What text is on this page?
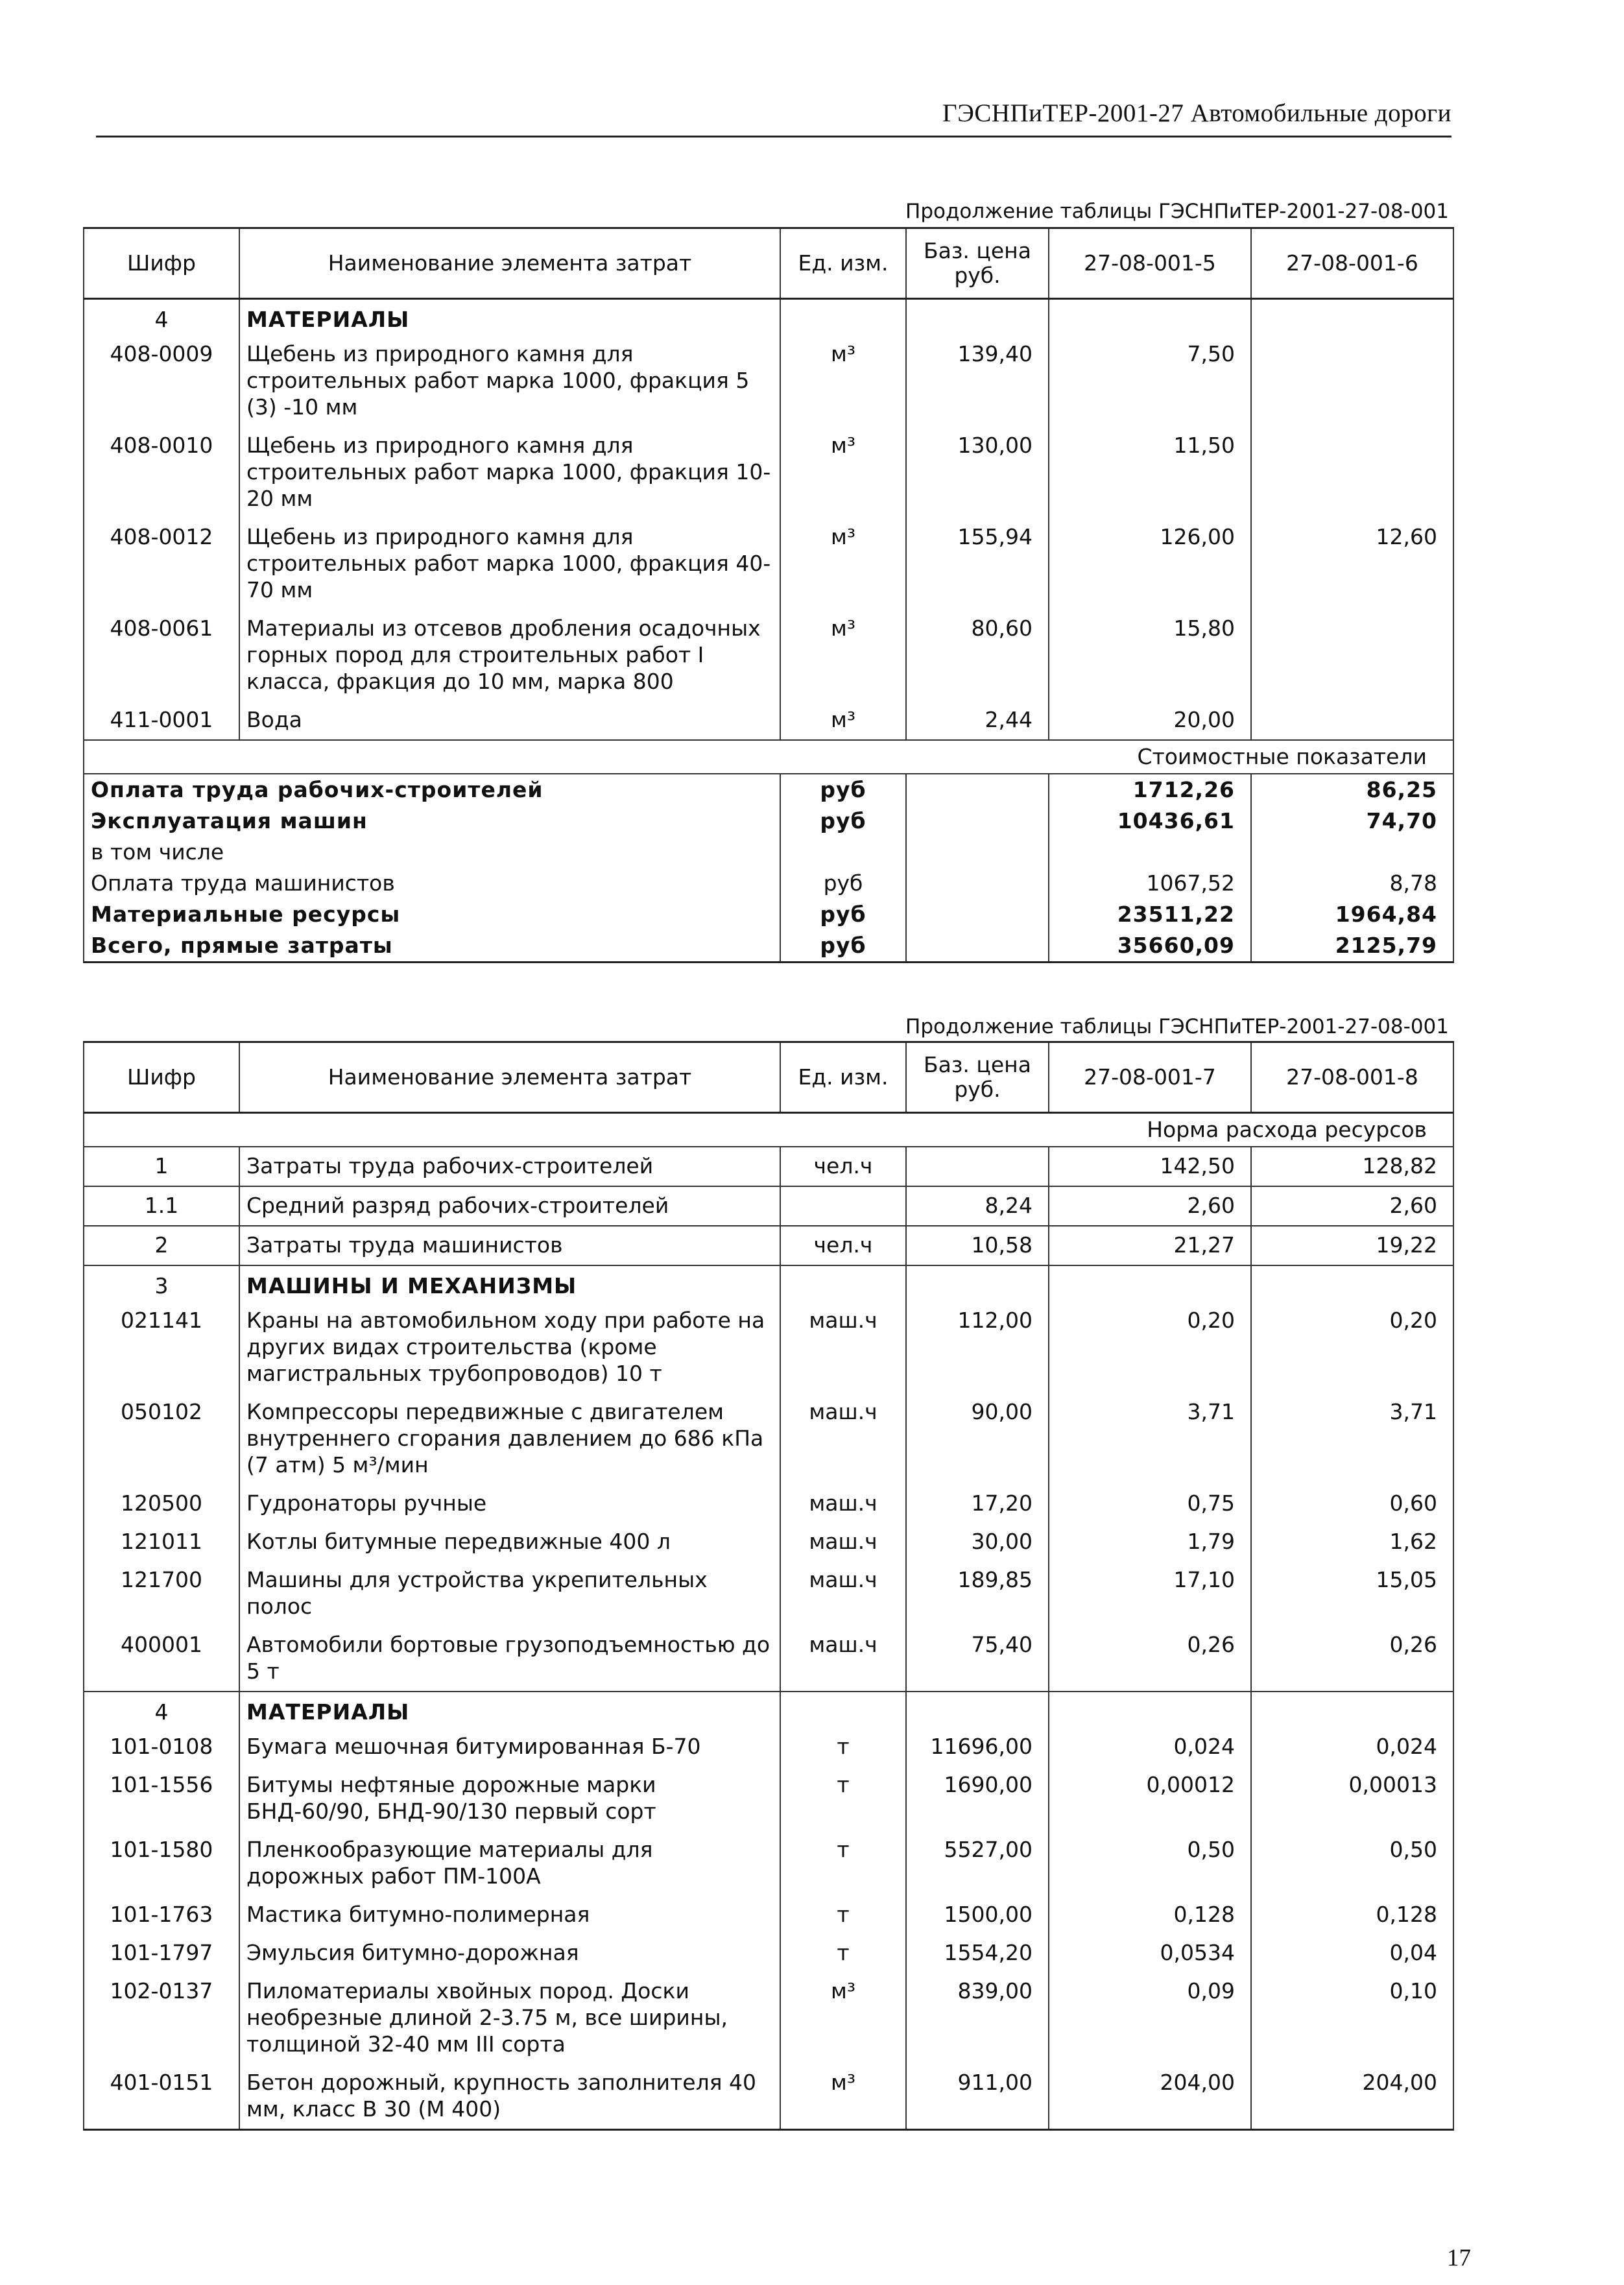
ГЭСНПиТЕР-2001-27 Автомобильные дороги
Продолжение таблицы ГЭСНПиТЕР-2001-27-08-001
Шифр	Наименование элемента затрат	Ед. изм.	Баз. цена руб.	27-08-001-5	27-08-001-6
4	МАТЕРИАЛЫ				
408-0009	Щебень из природного камня для строительных работ марка 1000, фракция 5 (3) -10 мм	м³	139,40	7,50	
408-0010	Щебень из природного камня для строительных работ марка 1000, фракция 10-20 мм	м³	130,00	11,50	
408-0012	Щебень из природного камня для строительных работ марка 1000, фракция 40-70 мм	м³	155,94	126,00	12,60
408-0061	Материалы из отсевов дробления осадочных горных пород для строительных работ I класса, фракция до 10 мм, марка 800	м³	80,60	15,80	
411-0001	Вода	м³	2,44	20,00	
Стоимостные показатели					
Оплата труда рабочих-строителей		руб		1712,26	86,25
Эксплуатация машин		руб		10436,61	74,70
в том числе					
Оплата труда машинистов		руб		1067,52	8,78
Материальные ресурсы		руб		23511,22	1964,84
Всего, прямые затраты		руб		35660,09	2125,79
Продолжение таблицы ГЭСНПиТЕР-2001-27-08-001
Шифр	Наименование элемента затрат	Ед. изм.	Баз. цена руб.	27-08-001-7	27-08-001-8
Норма расхода ресурсов					
1	Затраты труда рабочих-строителей	чел.ч		142,50	128,82
1.1	Средний разряд рабочих-строителей		8,24	2,60	2,60
2	Затраты труда машинистов	чел.ч	10,58	21,27	19,22
3	МАШИНЫ И МЕХАНИЗМЫ				
021141	Краны на автомобильном ходу при работе на других видах строительства (кроме магистральных трубопроводов) 10 т	маш.ч	112,00	0,20	0,20
050102	Компрессоры передвижные с двигателем внутреннего сгорания давлением до 686 кПа (7 атм) 5 м³/мин	маш.ч	90,00	3,71	3,71
120500	Гудронаторы ручные	маш.ч	17,20	0,75	0,60
121011	Котлы битумные передвижные 400 л	маш.ч	30,00	1,79	1,62
121700	Машины для устройства укрепительных полос	маш.ч	189,85	17,10	15,05
400001	Автомобили бортовые грузоподъемностью до 5 т	маш.ч	75,40	0,26	0,26
4	МАТЕРИАЛЫ				
101-0108	Бумага мешочная битумированная Б-70	т	11696,00	0,024	0,024
101-1556	Битумы нефтяные дорожные марки БНД-60/90, БНД-90/130 первый сорт	т	1690,00	0,00012	0,00013
101-1580	Пленкообразующие материалы для дорожных работ ПМ-100А	т	5527,00	0,50	0,50
101-1763	Мастика битумно-полимерная	т	1500,00	0,128	0,128
101-1797	Эмульсия битумно-дорожная	т	1554,20	0,0534	0,04
102-0137	Пиломатериалы хвойных пород. Доски необрезные длиной 2-3.75 м, все ширины, толщиной 32-40 мм III сорта	м³	839,00	0,09	0,10
401-0151	Бетон дорожный, крупность заполнителя 40 мм, класс В 30 (М 400)	м³	911,00	204,00	204,00
17
